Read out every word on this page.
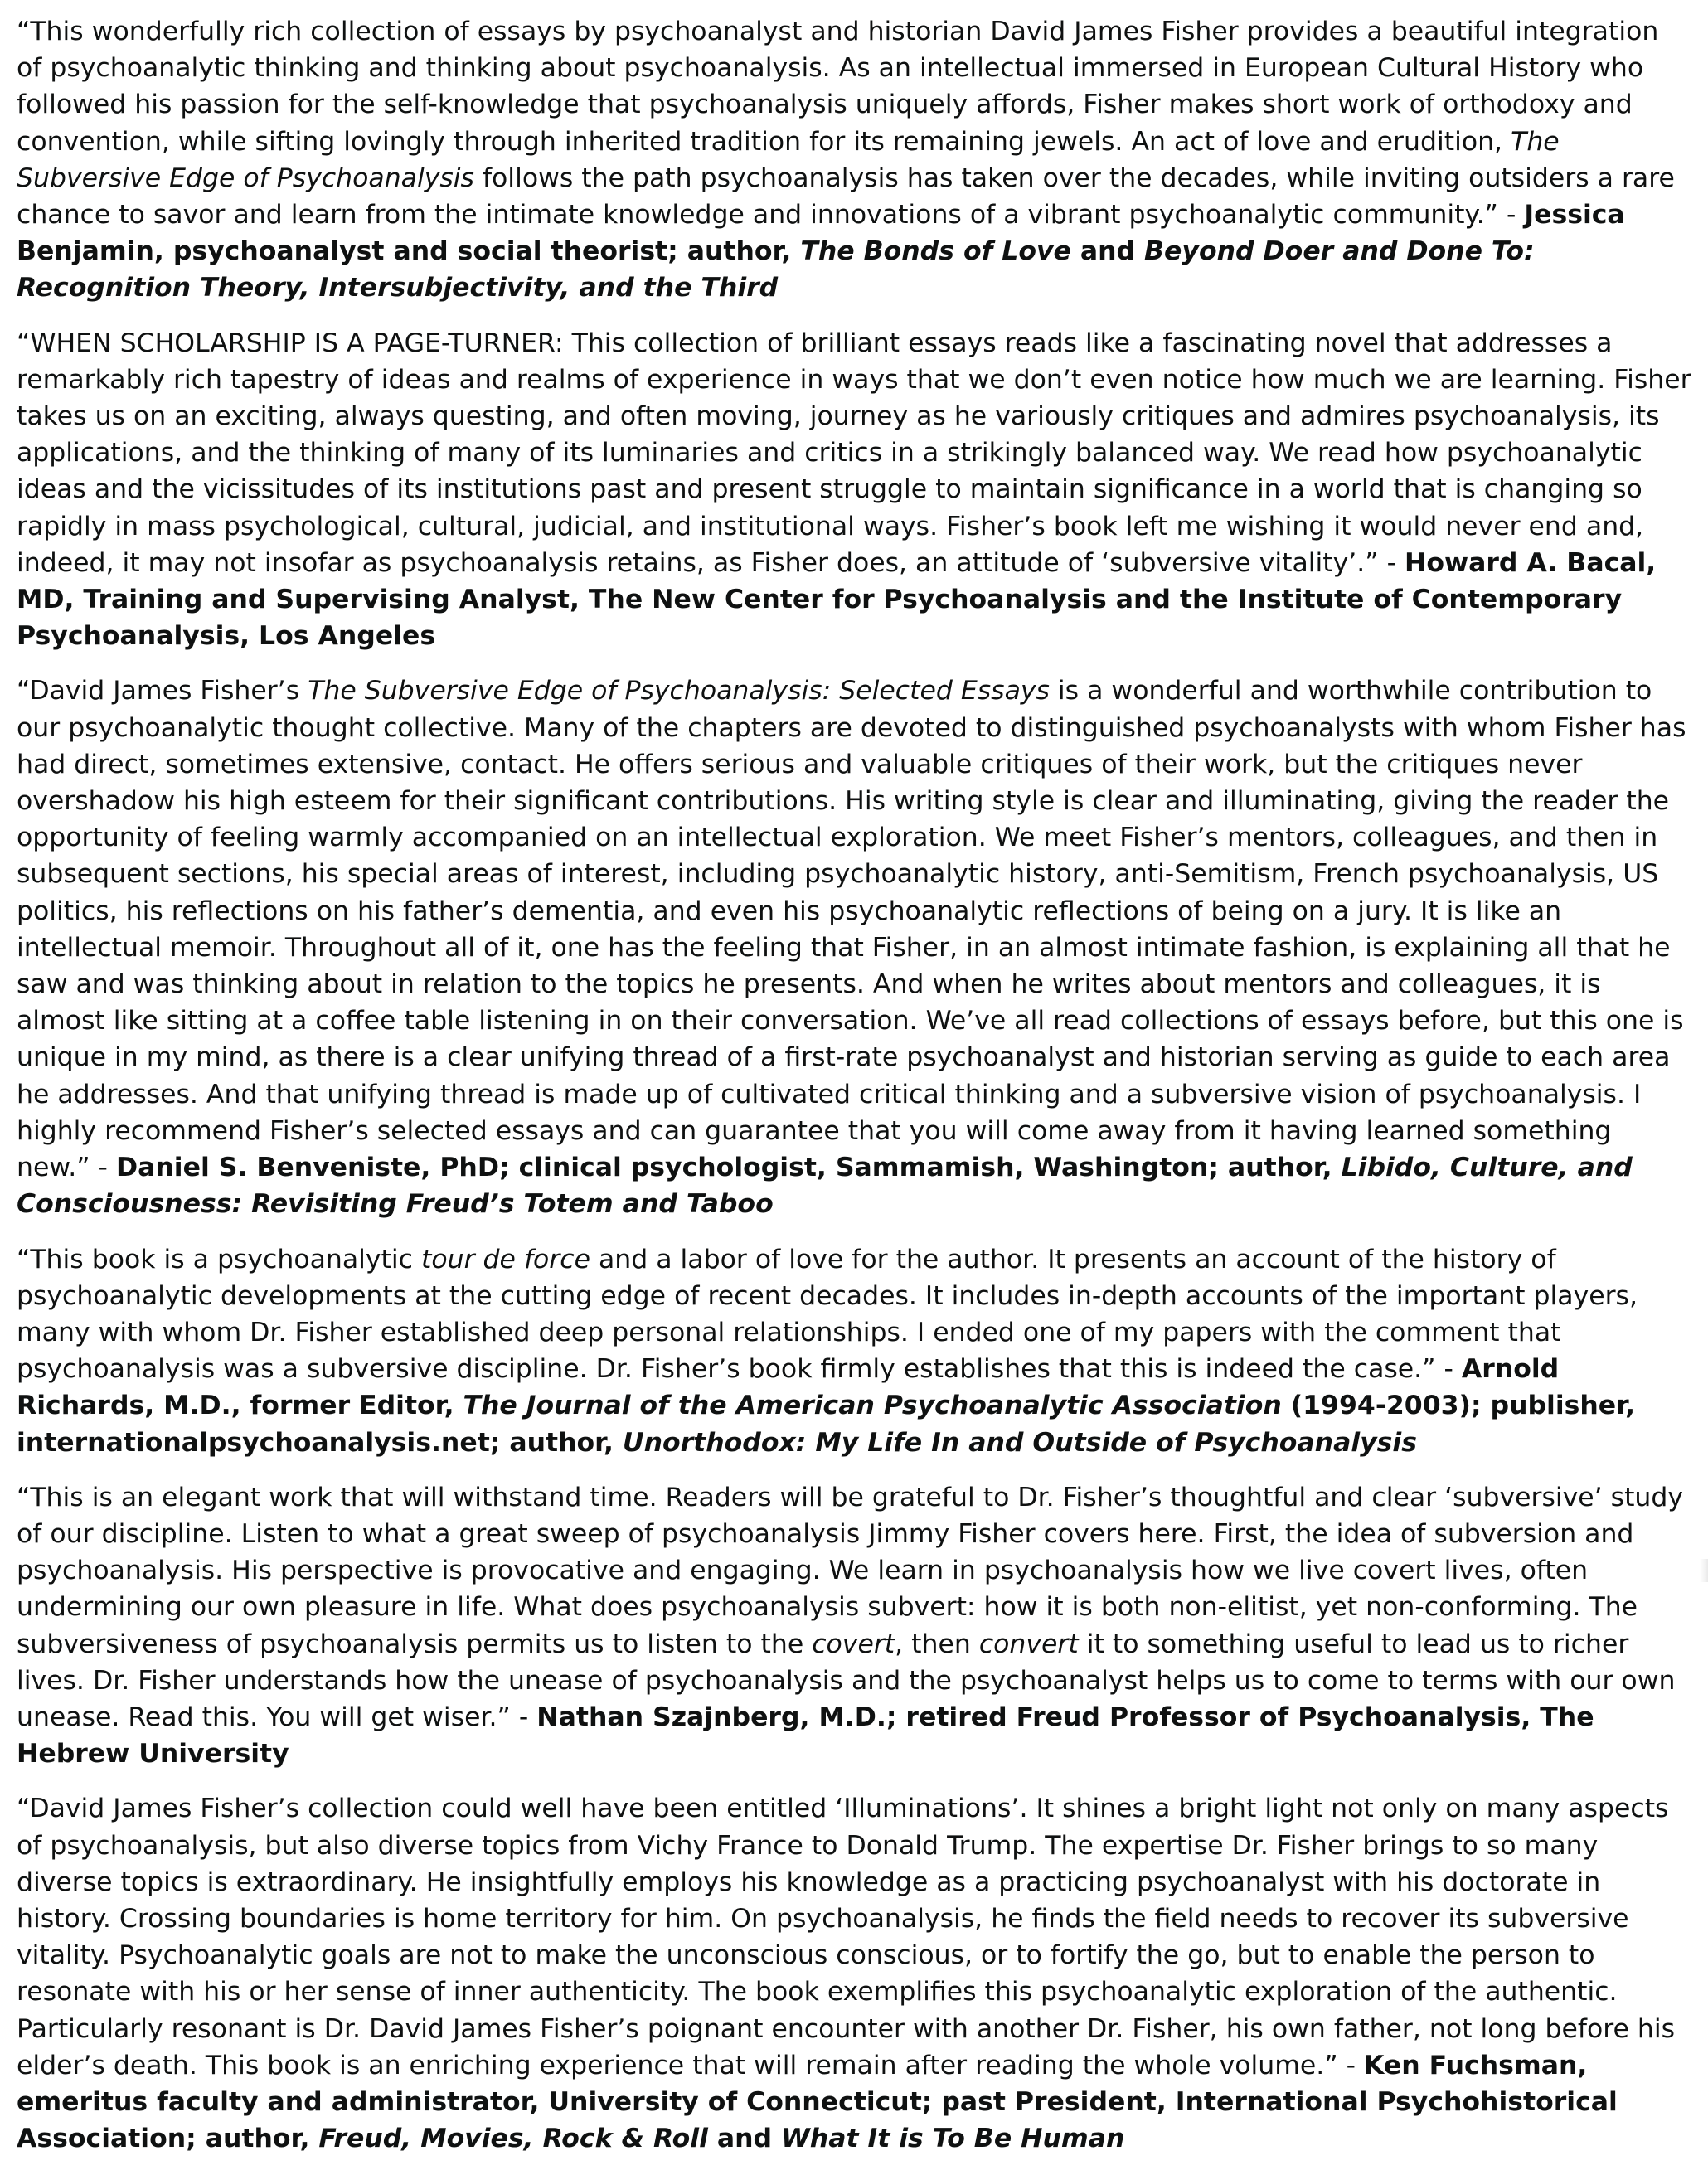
“This wonderfully rich collection of essays by psychoanalyst and historian David James Fisher provides a beautiful integration of psychoanalytic thinking and thinking about psychoanalysis. As an intellectual immersed in European Cultural History who followed his passion for the self-knowledge that psychoanalysis uniquely affords, Fisher makes short work of orthodoxy and convention, while sifting lovingly through inherited tradition for its remaining jewels. An act of love and erudition, The Subversive Edge of Psychoanalysis follows the path psychoanalysis has taken over the decades, while inviting outsiders a rare chance to savor and learn from the intimate knowledge and innovations of a vibrant psychoanalytic community.” - Jessica Benjamin, psychoanalyst and social theorist; author, The Bonds of Love and Beyond Doer and Done To: Recognition Theory, Intersubjectivity, and the Third

“WHEN SCHOLARSHIP IS A PAGE-TURNER: This collection of brilliant essays reads like a fascinating novel that addresses a remarkably rich tapestry of ideas and realms of experience in ways that we don’t even notice how much we are learning. Fisher takes us on an exciting, always questing, and often moving, journey as he variously critiques and admires psychoanalysis, its applications, and the thinking of many of its luminaries and critics in a strikingly balanced way. We read how psychoanalytic ideas and the vicissitudes of its institutions past and present struggle to maintain significance in a world that is changing so rapidly in mass psychological, cultural, judicial, and institutional ways. Fisher’s book left me wishing it would never end and, indeed, it may not insofar as psychoanalysis retains, as Fisher does, an attitude of ‘subversive vitality’.” - Howard A. Bacal, MD, Training and Supervising Analyst, The New Center for Psychoanalysis and the Institute of Contemporary Psychoanalysis, Los Angeles

“David James Fisher’s The Subversive Edge of Psychoanalysis: Selected Essays is a wonderful and worthwhile contribution to our psychoanalytic thought collective. Many of the chapters are devoted to distinguished psychoanalysts with whom Fisher has had direct, sometimes extensive, contact. He offers serious and valuable critiques of their work, but the critiques never overshadow his high esteem for their significant contributions. His writing style is clear and illuminating, giving the reader the opportunity of feeling warmly accompanied on an intellectual exploration. We meet Fisher’s mentors, colleagues, and then in subsequent sections, his special areas of interest, including psychoanalytic history, anti-Semitism, French psychoanalysis, US politics, his reflections on his father’s dementia, and even his psychoanalytic reflections of being on a jury. It is like an intellectual memoir. Throughout all of it, one has the feeling that Fisher, in an almost intimate fashion, is explaining all that he saw and was thinking about in relation to the topics he presents. And when he writes about mentors and colleagues, it is almost like sitting at a coffee table listening in on their conversation. We’ve all read collections of essays before, but this one is unique in my mind, as there is a clear unifying thread of a first-rate psychoanalyst and historian serving as guide to each area he addresses. And that unifying thread is made up of cultivated critical thinking and a subversive vision of psychoanalysis. I highly recommend Fisher’s selected essays and can guarantee that you will come away from it having learned something new.” - Daniel S. Benveniste, PhD; clinical psychologist, Sammamish, Washington; author, Libido, Culture, and Consciousness: Revisiting Freud’s Totem and Taboo

“This book is a psychoanalytic tour de force and a labor of love for the author. It presents an account of the history of psychoanalytic developments at the cutting edge of recent decades. It includes in-depth accounts of the important players, many with whom Dr. Fisher established deep personal relationships. I ended one of my papers with the comment that psychoanalysis was a subversive discipline. Dr. Fisher’s book firmly establishes that this is indeed the case.” - Arnold Richards, M.D., former Editor, The Journal of the American Psychoanalytic Association (1994-2003); publisher, internationalpsychoanalysis.net; author, Unorthodox: My Life In and Outside of Psychoanalysis

“This is an elegant work that will withstand time. Readers will be grateful to Dr. Fisher’s thoughtful and clear ‘subversive’ study of our discipline. Listen to what a great sweep of psychoanalysis Jimmy Fisher covers here. First, the idea of subversion and psychoanalysis. His perspective is provocative and engaging. We learn in psychoanalysis how we live covert lives, often undermining our own pleasure in life. What does psychoanalysis subvert: how it is both non-elitist, yet non-conforming. The subversiveness of psychoanalysis permits us to listen to the covert, then convert it to something useful to lead us to richer lives. Dr. Fisher understands how the unease of psychoanalysis and the psychoanalyst helps us to come to terms with our own unease. Read this. You will get wiser.” - Nathan Szajnberg, M.D.; retired Freud Professor of Psychoanalysis, The Hebrew University

“David James Fisher’s collection could well have been entitled ‘Illuminations’. It shines a bright light not only on many aspects of psychoanalysis, but also diverse topics from Vichy France to Donald Trump. The expertise Dr. Fisher brings to so many diverse topics is extraordinary. He insightfully employs his knowledge as a practicing psychoanalyst with his doctorate in history. Crossing boundaries is home territory for him. On psychoanalysis, he finds the field needs to recover its subversive vitality. Psychoanalytic goals are not to make the unconscious conscious, or to fortify the go, but to enable the person to resonate with his or her sense of inner authenticity. The book exemplifies this psychoanalytic exploration of the authentic. Particularly resonant is Dr. David James Fisher’s poignant encounter with another Dr. Fisher, his own father, not long before his elder’s death. This book is an enriching experience that will remain after reading the whole volume.” - Ken Fuchsman, emeritus faculty and administrator, University of Connecticut; past President, International Psychohistorical Association; author, Freud, Movies, Rock & Roll and What It is To Be Human
